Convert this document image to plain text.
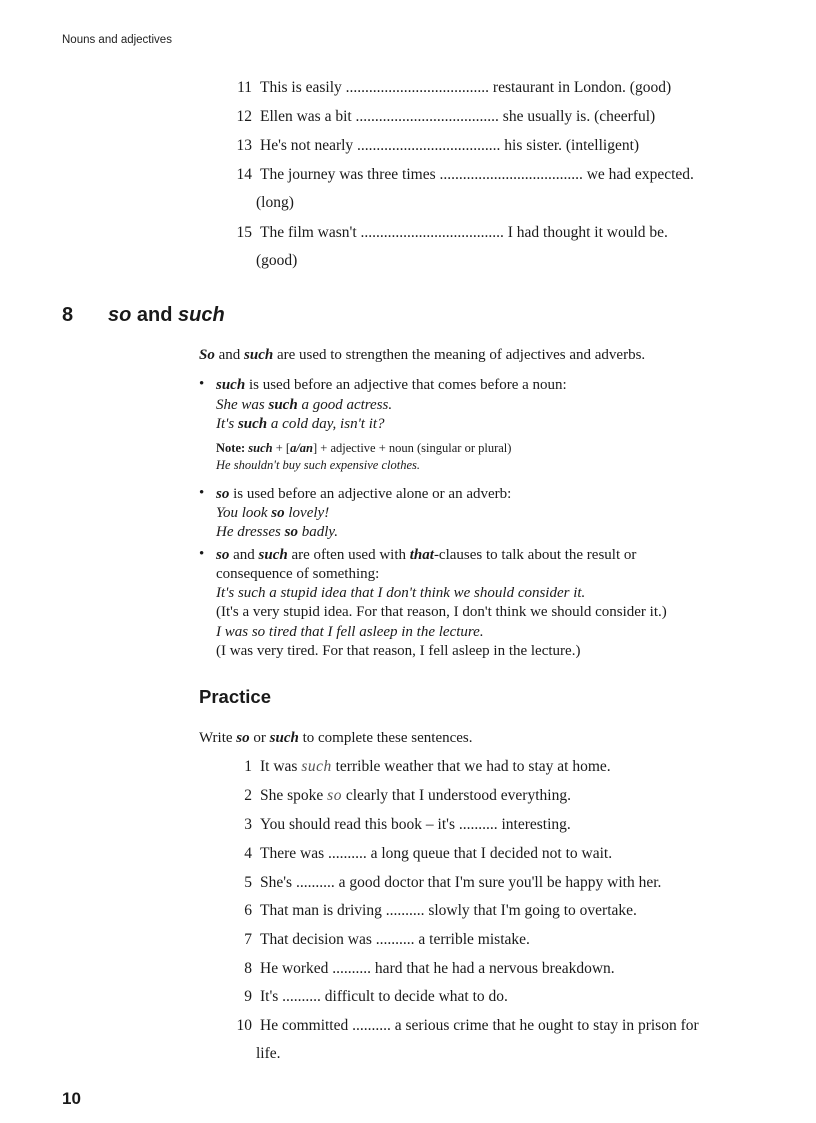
Nouns and adjectives
11 This is easily ..................................... restaurant in London. (good)
12 Ellen was a bit ..................................... she usually is. (cheerful)
13 He's not nearly ..................................... his sister. (intelligent)
14 The journey was three times ..................................... we had expected.
(long)
15 The film wasn't ..................................... I had thought it would be.
(good)
8 so and such
So and such are used to strengthen the meaning of adjectives and adverbs.
• such is used before an adjective that comes before a noun:
She was such a good actress.
It's such a cold day, isn't it?
Note: such + [a/an] + adjective + noun (singular or plural)
He shouldn't buy such expensive clothes.
• so is used before an adjective alone or an adverb:
You look so lovely!
He dresses so badly.
• so and such are often used with that-clauses to talk about the result or
consequence of something:
It's such a stupid idea that I don't think we should consider it.
(It's a very stupid idea. For that reason, I don't think we should consider it.)
I was so tired that I fell asleep in the lecture.
(I was very tired. For that reason, I fell asleep in the lecture.)
Practice
Write so or such to complete these sentences.
1 It was such terrible weather that we had to stay at home.
2 She spoke so clearly that I understood everything.
3 You should read this book – it's .......... interesting.
4 There was .......... a long queue that I decided not to wait.
5 She's .......... a good doctor that I'm sure you'll be happy with her.
6 That man is driving .......... slowly that I'm going to overtake.
7 That decision was .......... a terrible mistake.
8 He worked .......... hard that he had a nervous breakdown.
9 It's .......... difficult to decide what to do.
10 He committed .......... a serious crime that he ought to stay in prison for
life.
10
